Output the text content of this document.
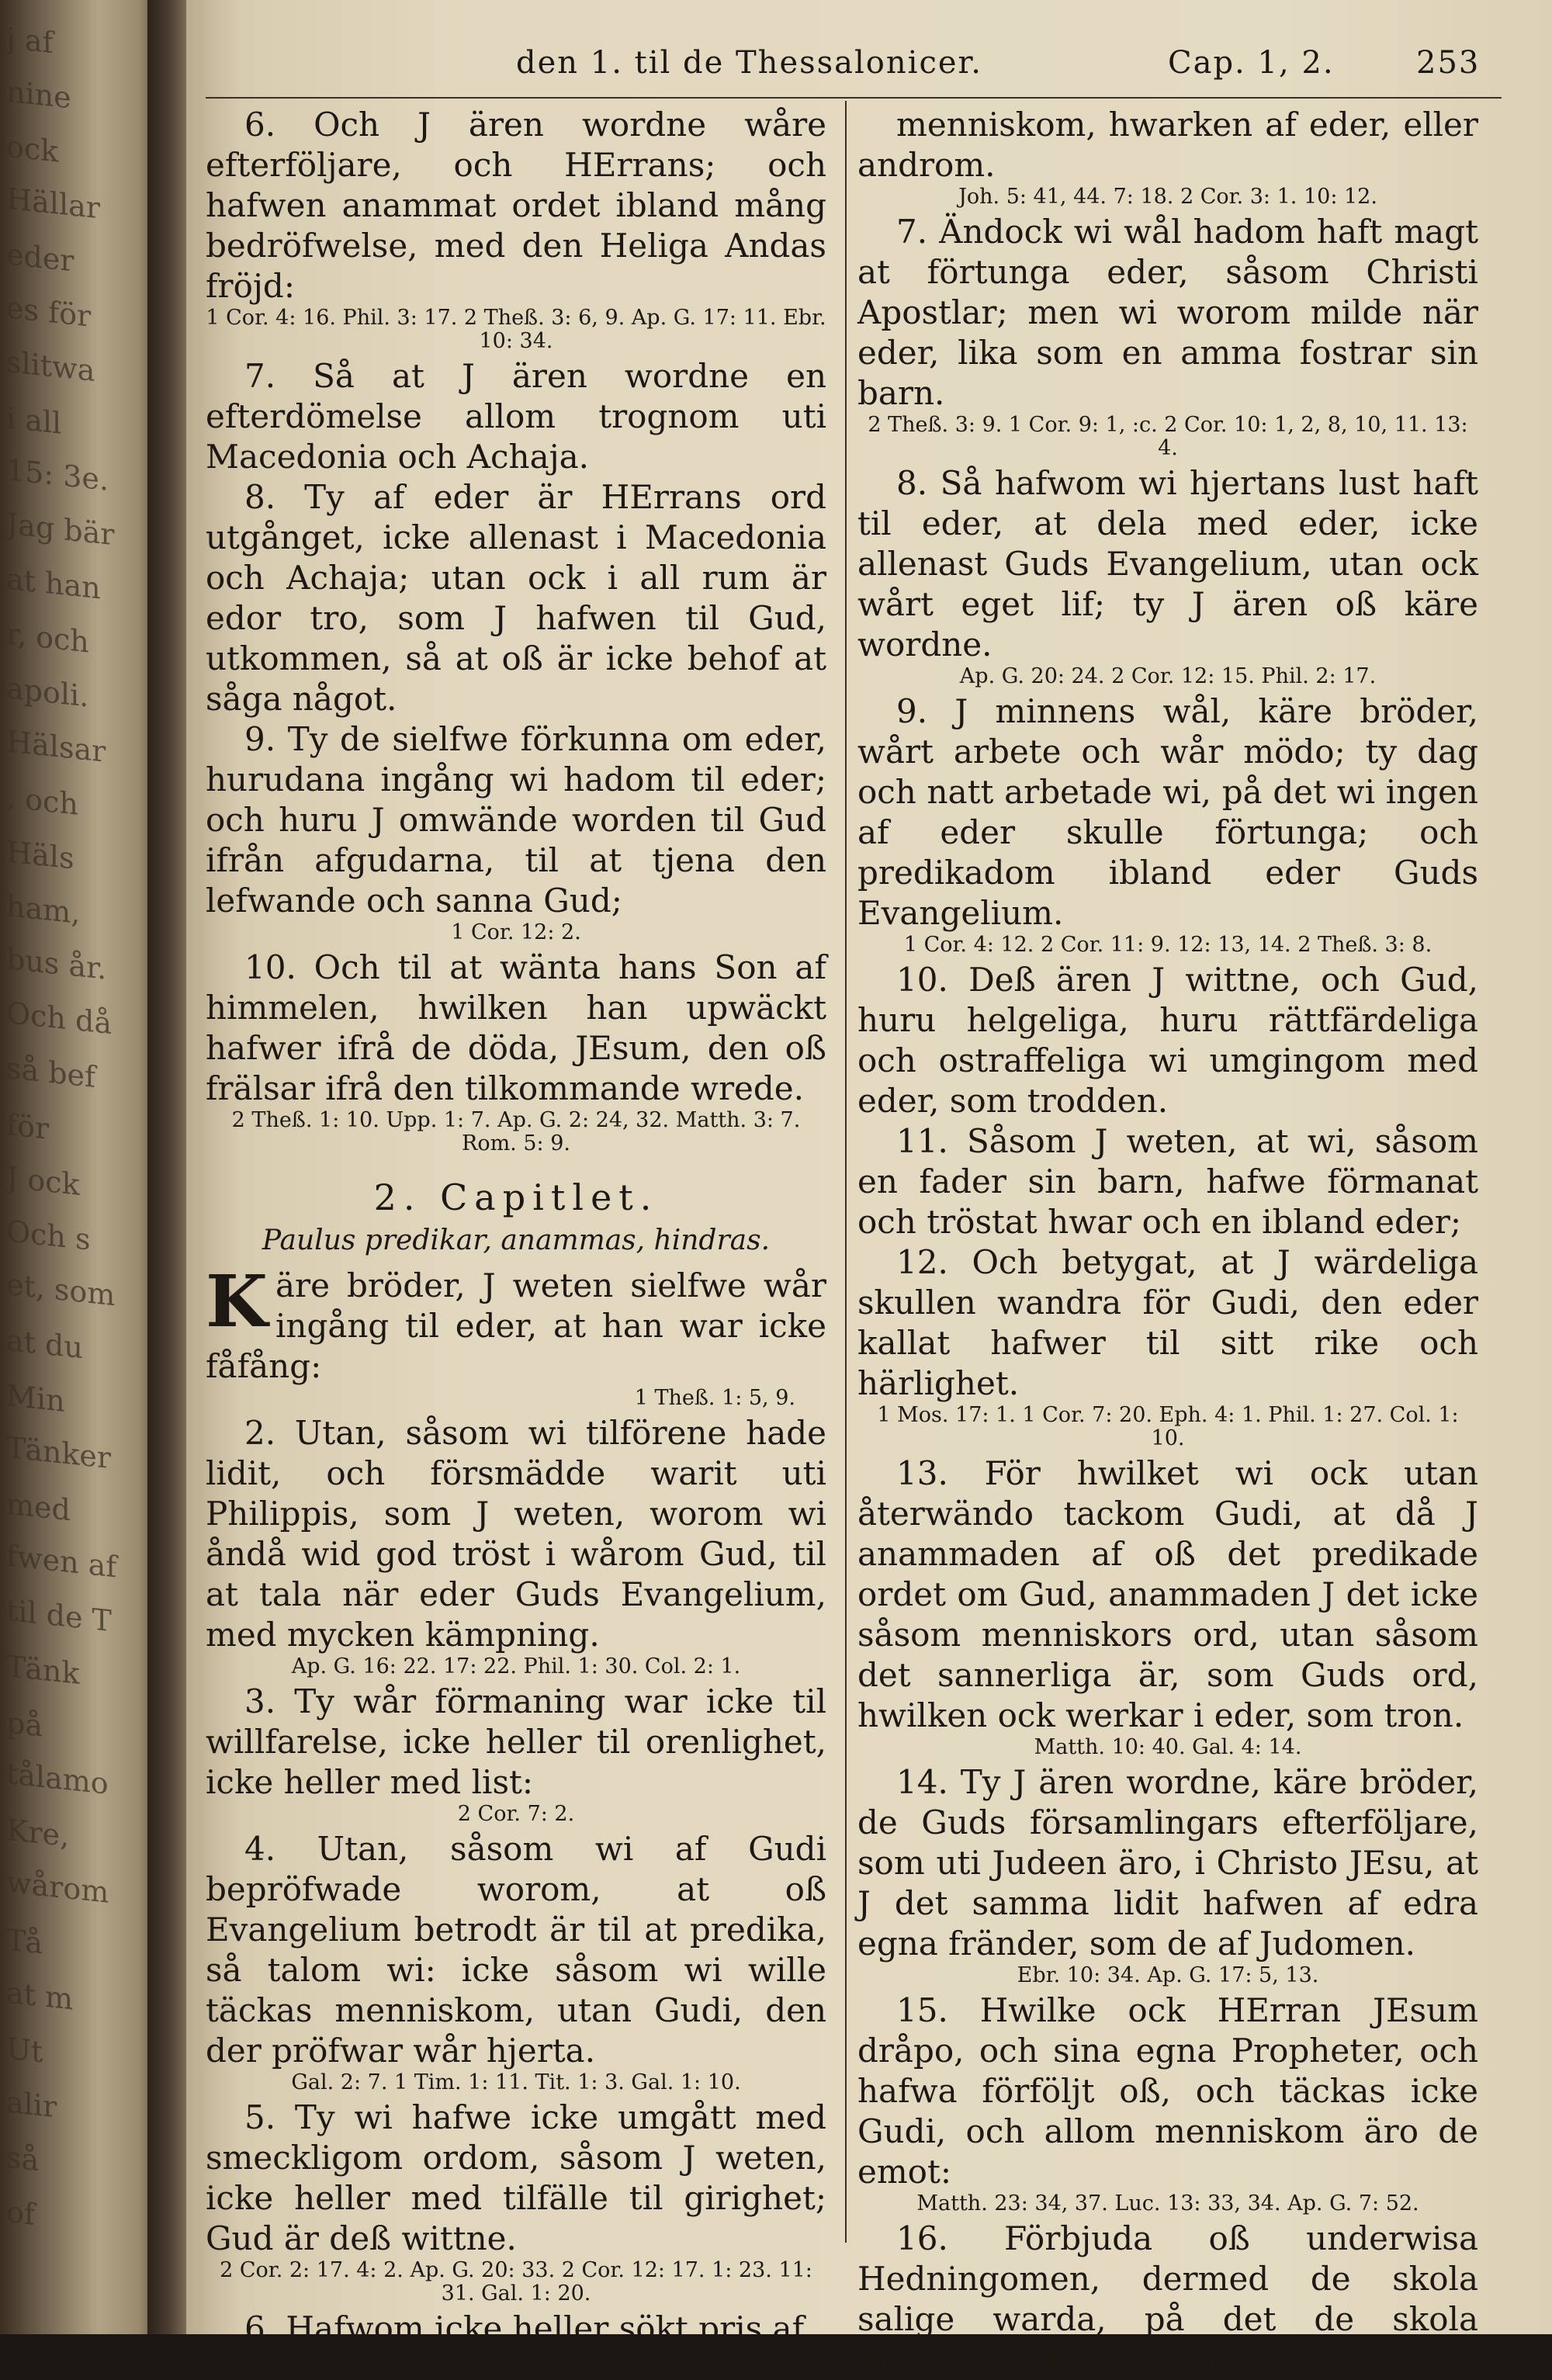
j af
nine
ock
Hällar
eder
es för
slitwa
i all
15: 3e.
Jag bär
at han
r, och
apoli.
Hälsar
, och
Häls
ham,
bus år.
Och då
så bef
för
J ock
Och s
et, som
at du
Min
Tänker
med
fwen af
til de T
Tänk
på
tålamo
Kre,
wårom
Tå
at m
Ut
alir
så
of
den 1. til de Thessalonicer.	Cap. 1, 2.	253

6. Och J ären wordne wåre efterföljare, och HErrans; och hafwen anammat ordet ibland mång bedröfwelse, med den Heliga Andas fröjd:

1 Cor. 4: 16. Phil. 3: 17. 2 Theß. 3: 6, 9. Ap. G. 17: 11. Ebr. 10: 34.

7. Så at J ären wordne en efterdömelse allom trognom uti Macedonia och Achaja.

8. Ty af eder är HErrans ord utgånget, icke allenast i Macedonia och Achaja; utan ock i all rum är edor tro, som J hafwen til Gud, utkommen, så at oß är icke behof at såga något.

9. Ty de sielfwe förkunna om eder, hurudana ingång wi hadom til eder; och huru J omwände worden til Gud ifrån afgudarna, til at tjena den lefwande och sanna Gud;

1 Cor. 12: 2.

10. Och til at wänta hans Son af himmelen, hwilken han upwäckt hafwer ifrå de döda, JEsum, den oß frälsar ifrå den tilkommande wrede.

2 Theß. 1: 10. Upp. 1: 7. Ap. G. 2: 24, 32. Matth. 3: 7. Rom. 5: 9.

2. Capitlet.
Paulus predikar, anammas, hindras.

Käre bröder, J weten sielfwe wår ingång til eder, at han war icke fåfång:

1 Theß. 1: 5, 9.

2. Utan, såsom wi tilförene hade lidit, och försmädde warit uti Philippis, som J weten, worom wi åndå wid god tröst i wårom Gud, til at tala när eder Guds Evangelium, med mycken kämpning.

Ap. G. 16: 22. 17: 22. Phil. 1: 30. Col. 2: 1.

3. Ty wår förmaning war icke til willfarelse, icke heller til orenlighet, icke heller med list:

2 Cor. 7: 2.

4. Utan, såsom wi af Gudi bepröfwade worom, at oß Evangelium betrodt är til at predika, så talom wi: icke såsom wi wille täckas menniskom, utan Gudi, den der pröfwar wår hjerta.

Gal. 2: 7. 1 Tim. 1: 11. Tit. 1: 3. Gal. 1: 10.

5. Ty wi hafwe icke umgått med smeckligom ordom, såsom J weten, icke heller med tilfälle til girighet; Gud är deß wittne.

2 Cor. 2: 17. 4: 2. Ap. G. 20: 33. 2 Cor. 12: 17. 1: 23. 11: 31. Gal. 1: 20.

6. Hafwom icke heller sökt pris af

menniskom, hwarken af eder, eller androm.

Joh. 5: 41, 44. 7: 18. 2 Cor. 3: 1. 10: 12.

7. Ändock wi wål hadom haft magt at förtunga eder, såsom Christi Apostlar; men wi worom milde när eder, lika som en amma fostrar sin barn.

2 Theß. 3: 9. 1 Cor. 9: 1, :c. 2 Cor. 10: 1, 2, 8, 10, 11. 13: 4.

8. Så hafwom wi hjertans lust haft til eder, at dela med eder, icke allenast Guds Evangelium, utan ock wårt eget lif; ty J ären oß käre wordne.

Ap. G. 20: 24. 2 Cor. 12: 15. Phil. 2: 17.

9. J minnens wål, käre bröder, wårt arbete och wår mödo; ty dag och natt arbetade wi, på det wi ingen af eder skulle förtunga; och predikadom ibland eder Guds Evangelium.

1 Cor. 4: 12. 2 Cor. 11: 9. 12: 13, 14. 2 Theß. 3: 8.

10. Deß ären J wittne, och Gud, huru helgeliga, huru rättfärdeliga och ostraffeliga wi umgingom med eder, som trodden.

11. Såsom J weten, at wi, såsom en fader sin barn, hafwe förmanat och tröstat hwar och en ibland eder;

12. Och betygat, at J wärdeliga skullen wandra för Gudi, den eder kallat hafwer til sitt rike och härlighet.

1 Mos. 17: 1. 1 Cor. 7: 20. Eph. 4: 1. Phil. 1: 27. Col. 1: 10.

13. För hwilket wi ock utan återwändo tackom Gudi, at då J anammaden af oß det predikade ordet om Gud, anammaden J det icke såsom menniskors ord, utan såsom det sannerliga är, som Guds ord, hwilken ock werkar i eder, som tron.

Matth. 10: 40. Gal. 4: 14.

14. Ty J ären wordne, käre bröder, de Guds församlingars efterföljare, som uti Judeen äro, i Christo JEsu, at J det samma lidit hafwen af edra egna fränder, som de af Judomen.

Ebr. 10: 34. Ap. G. 17: 5, 13.

15. Hwilke ock HErran JEsum dråpo, och sina egna Propheter, och hafwa förföljt oß, och täckas icke Gudi, och allom menniskom äro de emot:

Matth. 23: 34, 37. Luc. 13: 33, 34. Ap. G. 7: 52.

16. Förbjuda oß underwisa Hedningomen, dermed de skola salige warda, på det de skola fullkomna sina synder
